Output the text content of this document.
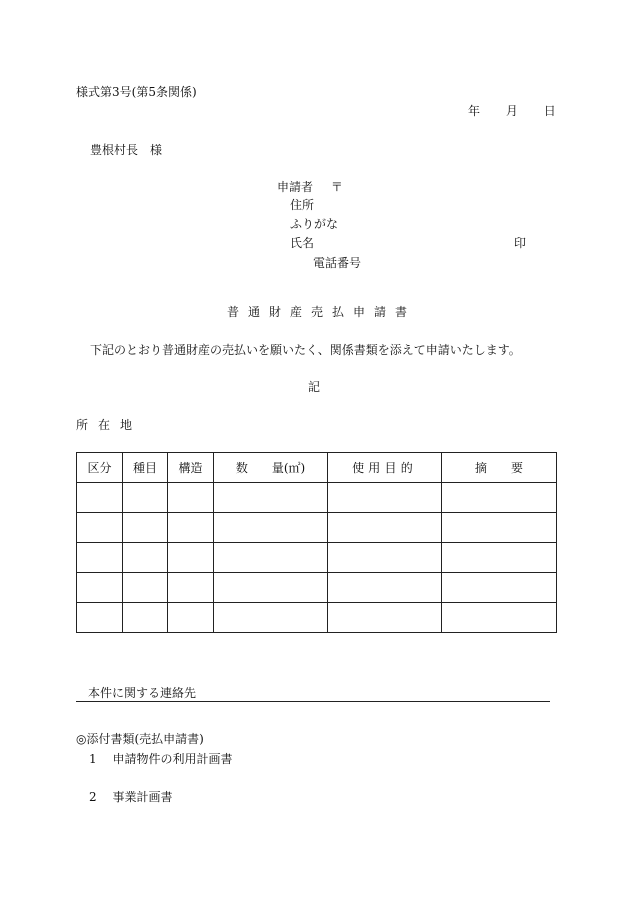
様式第3号(第5条関係)
年 月 日
豊根村長　様
申請者 〒
住所
ふりがな
氏名	印
電話番号
普通財産売払申請書
下記のとおり普通財産の売払いを願いたく、関係書類を添えて申請いたします。
記
所在地
区分	種目	構造	数　　量(㎡)	使用目的	摘　　要

本件に関する連絡先
◎添付書類(売払申請書)
1 申請物件の利用計画書
2 事業計画書
